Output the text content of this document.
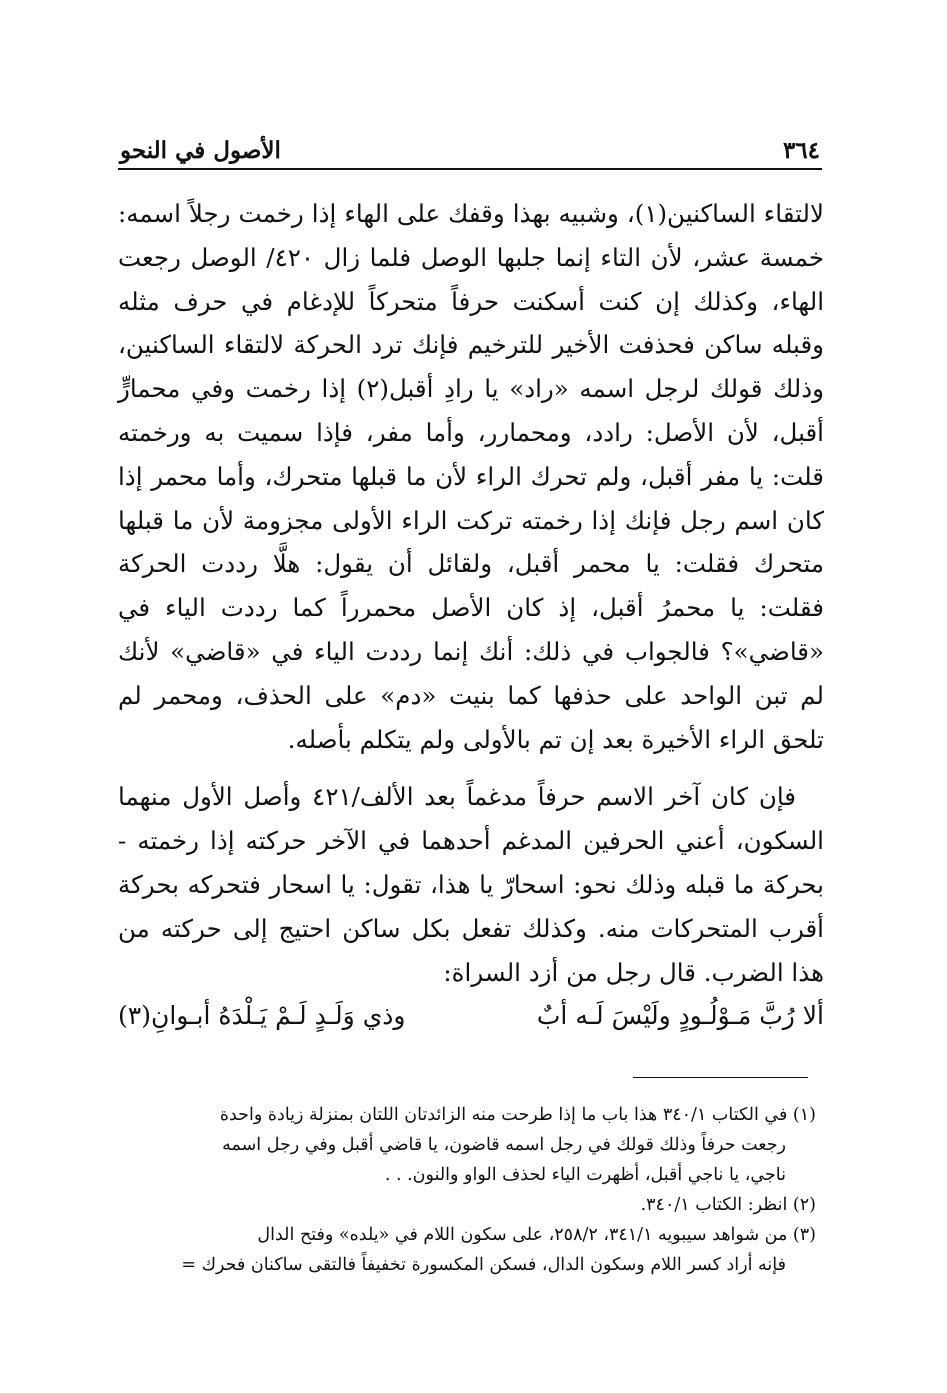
٣٦٤
الأصول في النحو

لالتقاء الساكنين(١)، وشبيه بهذا وقفك على الهاء إذا رخمت رجلاً اسمه: خمسة عشر، لأن التاء إنما جلبها الوصل فلما زال ٤٢٠/ الوصل رجعت الهاء، وكذلك إن كنت أسكنت حرفاً متحركاً للإدغام في حرف مثله وقبله ساكن فحذفت الأخير للترخيم فإنك ترد الحركة لالتقاء الساكنين، وذلك قولك لرجل اسمه «راد» يا رادِ أقبل(٢) إذا رخمت وفي محمارٍّ أقبل، لأن الأصل: رادد، ومحمارر، وأما مفر، فإذا سميت به ورخمته قلت: يا مفر أقبل، ولم تحرك الراء لأن ما قبلها متحرك، وأما محمر إذا كان اسم رجل فإنك إذا رخمته تركت الراء الأولى مجزومة لأن ما قبلها متحرك فقلت: يا محمر أقبل، ولقائل أن يقول: هلَّا رددت الحركة فقلت: يا محمرُ أقبل، إذ كان الأصل محمرراً كما رددت الياء في «قاضي»؟ فالجواب في ذلك: أنك إنما رددت الياء في «قاضي» لأنك لم تبن الواحد على حذفها كما بنيت «دم» على الحذف، ومحمر لم تلحق الراء الأخيرة بعد إن تم بالأولى ولم يتكلم بأصله.

فإن كان آخر الاسم حرفاً مدغماً بعد الألف/٤٢١ وأصل الأول منهما السكون، أعني الحرفين المدغم أحدهما في الآخر حركته إذا رخمته - بحركة ما قبله وذلك نحو: اسحارّ يا هذا، تقول: يا اسحار فتحركه بحركة أقرب المتحركات منه. وكذلك تفعل بكل ساكن احتيج إلى حركته من هذا الضرب. قال رجل من أزد السراة:

ألا رُبَّ مَـوْلُـودٍ ولَيْسَ لَـه أبٌ
وذي وَلَـدٍ لَـمْ يَـلْدَهُ أبـوانِ(٣)

(١) في الكتاب ٣٤٠/١ هذا باب ما إذا طرحت منه الزائدتان اللتان بمنزلة زيادة واحدة

رجعت حرفاً وذلك قولك في رجل اسمه قاضون، يا قاضي أقبل وفي رجل اسمه

ناجي، يا ناجي أقبل، أظهرت الياء لحذف الواو والنون. . .

(٢) انظر: الكتاب ٣٤٠/١.

(٣) من شواهد سيبويه ٣٤١/١، ٢٥٨/٢، على سكون اللام في «يلده» وفتح الدال

فإنه أراد كسر اللام وسكون الدال، فسكن المكسورة تخفيفاً فالتقى ساكنان فحرك =
